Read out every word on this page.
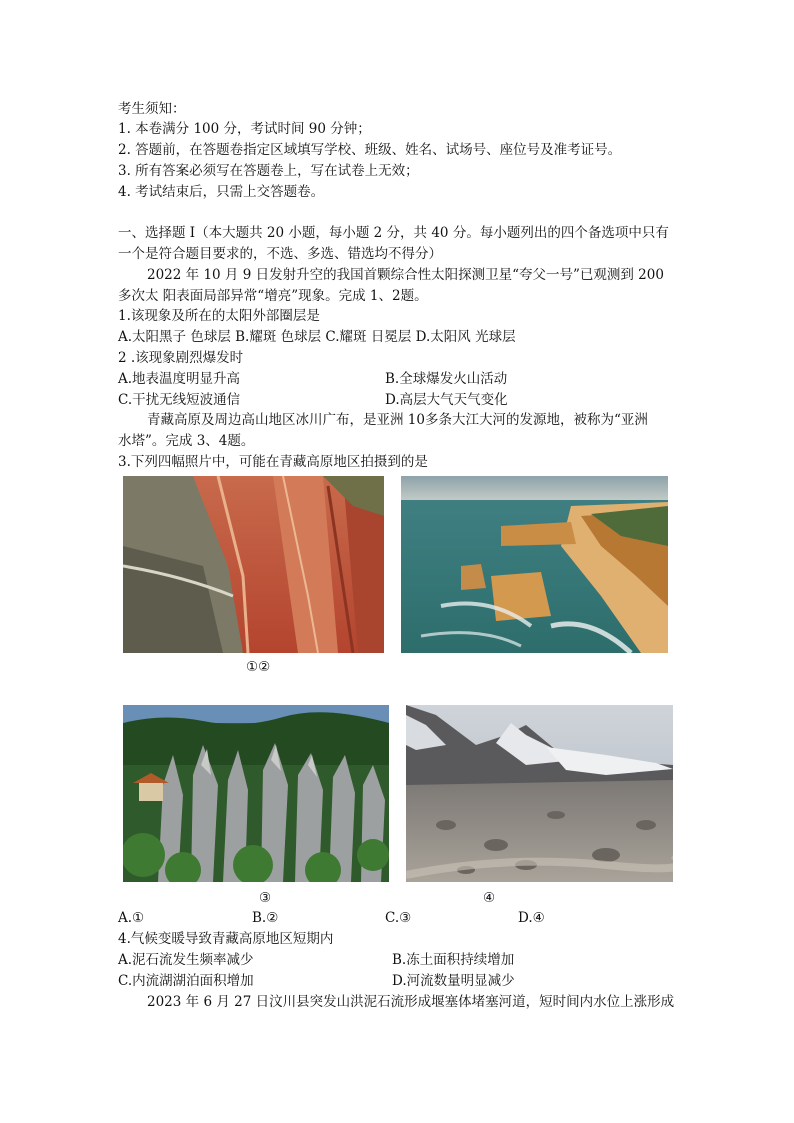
考生须知：
1. 本卷满分 100 分，考试时间 90 分钟；
2. 答题前，在答题卷指定区域填写学校、班级、姓名、试场号、座位号及准考证号。
3. 所有答案必须写在答题卷上，写在试卷上无效；
4. 考试结束后，只需上交答题卷。
一、选择题 I（本大题共 20 小题，每小题 2 分，共 40 分。每小题列出的四个备选项中只有
一个是符合题目要求的，不选、多选、错选均不得分）
2022 年 10 月 9 日发射升空的我国首颗综合性太阳探测卫星“夸父一号”已观测到 200
多次太 阳表面局部异常“增亮”现象。完成 1、2题。
1.该现象及所在的太阳外部圈层是
A.太阳黑子 色球层 B.耀斑 色球层 C.耀斑 日冕层 D.太阳风 光球层
2 .该现象剧烈爆发时
A.地表温度明显升高	B.全球爆发火山活动
C.干扰无线短波通信	D.高层大气天气变化
青藏高原及周边高山地区冰川广布，是亚洲 10多条大江大河的发源地，被称为“亚洲
水塔”。完成 3、4题。
3.下列四幅照片中，可能在青藏高原地区拍摄到的是
①②
③	④
A.①	B.②	C.③	D.④
4.气候变暖导致青藏高原地区短期内
A.泥石流发生频率减少	B.冻土面积持续增加
C.内流湖湖泊面积增加	D.河流数量明显减少
2023 年 6 月 27 日汶川县突发山洪泥石流形成堰塞体堵塞河道，短时间内水位上涨形成
